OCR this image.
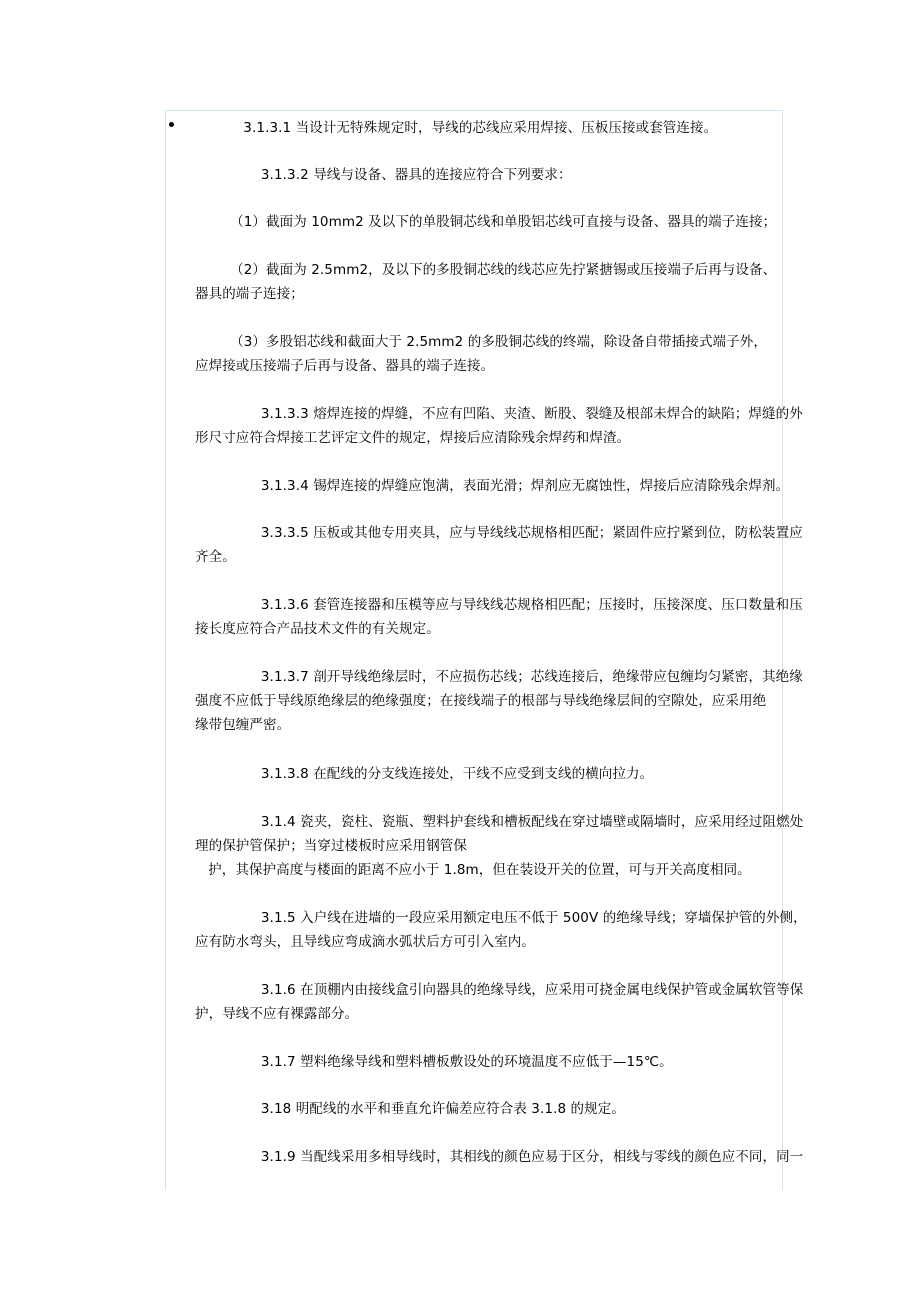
3.1.3.1 当设计无特殊规定时，导线的芯线应采用焊接、压板压接或套管连接。
3.1.3.2 导线与设备、器具的连接应符合下列要求：
（1）截面为 10mm2 及以下的单股铜芯线和单股铝芯线可直接与设备、器具的端子连接；
（2）截面为 2.5mm2，及以下的多股铜芯线的线芯应先拧紧搪锡或压接端子后再与设备、
器具的端子连接；
（3）多股铝芯线和截面大于 2.5mm2 的多股铜芯线的终端，除设备自带插接式端子外，
应焊接或压接端子后再与设备、器具的端子连接。
3.1.3.3 熔焊连接的焊缝，不应有凹陷、夹渣、断股、裂缝及根部未焊合的缺陷；焊缝的外
形尺寸应符合焊接工艺评定文件的规定，焊接后应清除残余焊药和焊渣。
3.1.3.4 锡焊连接的焊缝应饱满，表面光滑；焊剂应无腐蚀性，焊接后应清除残余焊剂。
3.3.3.5 压板或其他专用夹具，应与导线线芯规格相匹配；紧固件应拧紧到位，防松装置应
齐全。
3.1.3.6 套管连接器和压模等应与导线线芯规格相匹配；压接时，压接深度、压口数量和压
接长度应符合产品技术文件的有关规定。
3.1.3.7 剖开导线绝缘层时，不应损伤芯线；芯线连接后，绝缘带应包缠均匀紧密，其绝缘
强度不应低于导线原绝缘层的绝缘强度；在接线端子的根部与导线绝缘层间的空隙处，应采用绝
缘带包缠严密。
3.1.3.8 在配线的分支线连接处，干线不应受到支线的横向拉力。
3.1.4 瓷夹，瓷柱、瓷瓶、塑料护套线和槽板配线在穿过墙壁或隔墙时，应采用经过阻燃处
理的保护管保护；当穿过楼板时应采用钢管保
护，其保护高度与楼面的距离不应小于 1.8m，但在装设开关的位置，可与开关高度相同。
3.1.5 入户线在进墙的一段应采用额定电压不低于 500V 的绝缘导线；穿墙保护管的外侧，
应有防水弯头，且导线应弯成滴水弧状后方可引入室内。
3.1.6 在顶棚内由接线盒引向器具的绝缘导线，应采用可挠金属电线保护管或金属软管等保
护，导线不应有裸露部分。
3.1.7 塑料绝缘导线和塑料槽板敷设处的环境温度不应低于—15℃。
3.18 明配线的水平和垂直允许偏差应符合表 3.1.8 的规定。
3.1.9 当配线采用多相导线时，其相线的颜色应易于区分，相线与零线的颜色应不同，同一
